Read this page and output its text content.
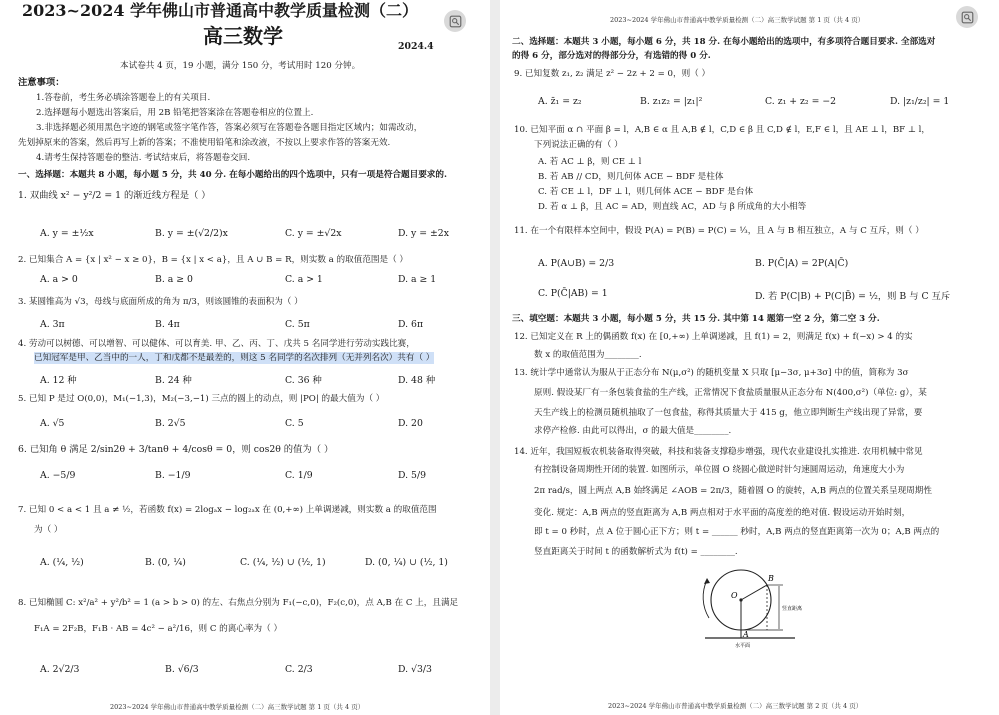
2023~2024 学年佛山市普通高中教学质量检测（二）
高三数学	2024.4
本试卷共 4 页，19 小题，满分 150 分，考试用时 120 分钟。
注意事项：
1.答卷前，考生务必填涂答题卷上的有关项目.
2.选择题每小题选出答案后，用 2B 铅笔把答案涂在答题卷相应的位置上.
3.非选择题必须用黑色字迹的钢笔或签字笔作答，答案必须写在答题卷各题目指定区域内；如需改动，
先划掉原来的答案，然后再写上新的答案；不准使用铅笔和涂改液，不按以上要求作答的答案无效.
4.请考生保持答题卷的整洁. 考试结束后，将答题卷交回.
一、选择题：本题共 8 小题，每小题 5 分，共 40 分. 在每小题给出的四个选项中，只有一项是符合题目要求的.
1. 双曲线 x² − y²/2 = 1 的渐近线方程是（ ）
A. y = ±½x	B. y = ±(√2/2)x	C. y = ±√2x	D. y = ±2x
2. 已知集合 A = {x | x² − x ≥ 0}，B = {x | x < a}，且 A ∪ B = R，则实数 a 的取值范围是（ ）
A. a > 0	B. a ≥ 0	C. a > 1	D. a ≥ 1
3. 某圆锥高为 √3，母线与底面所成的角为 π/3，则该圆锥的表面积为（ ）
A. 3π	B. 4π	C. 5π	D. 6π
4. 劳动可以树德、可以增智、可以健体、可以育美. 甲、乙、丙、丁、戊共 5 名同学进行劳动实践比赛，
已知冠军是甲、乙当中的一人，丁和戊都不是最差的，则这 5 名同学的名次排列（无并列名次）共有（ ）
A. 12 种	B. 24 种	C. 36 种	D. 48 种
5. 已知 P 是过 O(0,0)，M₁(−1,3)，M₂(−3,−1) 三点的圆上的动点，则 |PO| 的最大值为（ ）
A. √5	B. 2√5	C. 5	D. 20
6. 已知角 θ 满足 2/sin2θ + 3/tanθ + 4/cosθ = 0，则 cos2θ 的值为（ ）
A. −5/9	B. −1/9	C. 1/9	D. 5/9
7. 已知 0 < a < 1 且 a ≠ ½，若函数 f(x) = 2logₐx − log₂ₐx 在 (0,+∞) 上单调递减，则实数 a 的取值范围
为（ ）
A. (¼, ½)	B. (0, ¼)	C. (¼, ½) ∪ (½, 1)	D. (0, ¼) ∪ (½, 1)
8. 已知椭圆 C: x²/a² + y²/b² = 1 (a > b > 0) 的左、右焦点分别为 F₁(−c,0)，F₂(c,0)，点 A,B 在 C 上，且满足
F₁A = 2F₂B，F₁B · AB = 4c² − a²/16，则 C 的离心率为（ ）
A. 2√2/3	B. √6/3	C. 2/3	D. √3/3
2023~2024 学年佛山市普通高中教学质量检测（二）高三数学试题 第 1 页（共 4 页）
2023~2024 学年佛山市普通高中教学质量检测（二）高三数学试题 第 1 页（共 4 页）
二、选择题：本题共 3 小题，每小题 6 分，共 18 分. 在每小题给出的选项中，有多项符合题目要求. 全部选对
的得 6 分，部分选对的得部分分，有选错的得 0 分.
9. 已知复数 z₁, z₂ 满足 z² − 2z + 2 = 0，则（ ）
A. z̄₁ = z₂	B. z₁z₂ = |z₁|²	C. z₁ + z₂ = −2	D. |z₁/z₂| = 1
10. 已知平面 α ∩ 平面 β = l，A,B ∈ α 且 A,B ∉ l，C,D ∈ β 且 C,D ∉ l，E,F ∈ l，且 AE ⊥ l，BF ⊥ l，
下列说法正确的有（ ）
A. 若 AC ⊥ β，则 CE ⊥ l
B. 若 AB // CD，则几何体 ACE − BDF 是柱体
C. 若 CE ⊥ l，DF ⊥ l，则几何体 ACE − BDF 是台体
D. 若 α ⊥ β，且 AC = AD，则直线 AC，AD 与 β 所成角的大小相等
11. 在一个有限样本空间中，假设 P(A) = P(B) = P(C) = ⅓，且 A 与 B 相互独立，A 与 C 互斥，则（ ）
A. P(A∪B) = 2/3	B. P(C̄|A) = 2P(A|C̄)
C. P(C̄|AB) = 1	D. 若 P(C|B) + P(C|B̄) = ½，则 B 与 C 互斥
三、填空题：本题共 3 小题，每小题 5 分，共 15 分. 其中第 14 题第一空 2 分，第二空 3 分.
12. 已知定义在 R 上的偶函数 f(x) 在 [0,+∞) 上单调递减，且 f(1) = 2，则满足 f(x) + f(−x) > 4 的实
数 x 的取值范围为________.
13. 统计学中通常认为服从于正态分布 N(μ,σ²) 的随机变量 X 只取 [μ−3σ, μ+3σ] 中的值，简称为 3σ
原则. 假设某厂有一条包装食盐的生产线，正常情况下食盐质量服从正态分布 N(400,σ²)（单位: g），某
天生产线上的检测员随机抽取了一包食盐，称得其质量大于 415 g，他立即判断生产线出现了异常，要
求停产检修. 由此可以得出，σ 的最大值是________.
14. 近年，我国短板农机装备取得突破，科技和装备支撑稳步增强，现代农业建设扎实推进. 农用机械中常见
有控制设备周期性开闭的装置. 如图所示，单位圆 O 绕圆心做逆时针匀速圆周运动，角速度大小为
2π rad/s，圆上两点 A,B 始终满足 ∠AOB = 2π/3，随着圆 O 的旋转，A,B 两点的位置关系呈现周期性
变化. 规定：A,B 两点的竖直距离为 A,B 两点相对于水平面的高度差的绝对值. 假设运动开始时刻，
即 t = 0 秒时，点 A 位于圆心正下方；则 t = ______ 秒时，A,B 两点的竖直距离第一次为 0；A,B 两点的
竖直距离关于时间 t 的函数解析式为 f(t) = ________.
O
A
B
竖直距离
水平面
2023~2024 学年佛山市普通高中教学质量检测（二）高三数学试题 第 2 页（共 4 页）
